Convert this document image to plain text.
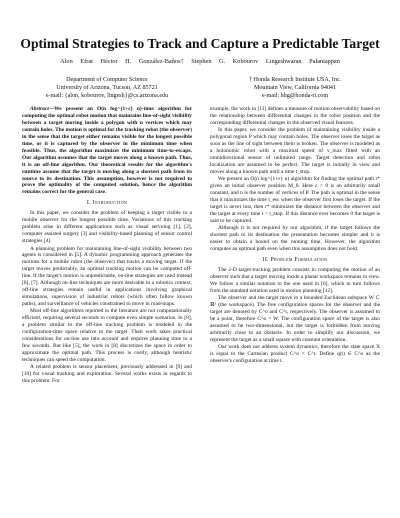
Optimal Strategies to Track and Capture a Predictable Target
Alon Efrat Héctor H. González-Baños† Stephen G. Kobourov Lingeshwaran Palaniappan
Department of Computer Science
University of Arizona, Tucson, AZ 85721
e-mail: {alon, kobourov, lingesh}@cs.arizona.edu
† Honda Research Institute USA, Inc.
Mountain View, California 94041
e-mail: hhg@honda-ri.com

Abstract—We present an O(n log^{1+ε} n)-time algorithm for computing the optimal robot motion that maintains line-of-sight visibility between a target moving inside a polygon with n vertices which may contain holes. The motion is optimal for the tracking robot (the observer) in the sense that the target either remains visible for the longest possible time, or it is captured by the observer in the minimum time when feasible. Thus, the algorithm maximizes the minimum time-to-escape. Our algorithm assumes that the target moves along a known path. Thus, it is an off-line algorithm. Our theoretical results for the algorithm's runtime assume that the target is moving along a shortest path from its source to its destination. This assumption, however is not required to prove the optimality of the computed solution, hence the algorithm remains correct for the general case.

I. Introduction

In this paper, we consider the problem of keeping a target visible to a mobile observer for the longest possible time. Variations of this tracking problem arise in different applications such as visual servoing [1], [2], computer assisted surgery [3] and visibility-based planning of sensor control strategies [4].

A planning problem for maintaining line-of-sight visibility between two agents is considered in [5]. A dynamic programming approach generates the motions for a mobile robot (the observer) that tracks a moving target. If the target moves predictably, an optimal tracking motion can be computed off-line. If the target's motion is unpredictable, on-line strategies are used instead [6], [7]. Although on-line techniques are more desirable in a robotics context, off-line strategies remain useful in applications involving graphical simulations, supervision of industrial robots (which often follow known paths), and surveillance of vehicles constrained to move in road-maps.

Most off-line algorithms reported in the literature are not computationally efficient, requiring several seconds to compute even simple scenarios. In [8], a problem similar to the off-line tracking problem is modeled in the configuration-time space relative to the target. Their work takes practical considerations for on-line use into account and requires planning time to a few seconds. But like [5], the work in [8] discretizes the space in order to approximate the optimal path. This process is costly, although heuristic techniques can speed the computation.

A related problem is sensor placement, previously addressed in [9] and [10] for visual tracking and exploration. Several works exists in regards to this problem. For

example, the work in [11] defines a measure of motion observability based on the relationship between differential changes in the robot position and the corresponding differential changes in the observed visual features.

In this paper, we consider the problem of maintaining visibility inside a polygonal region P which may contain holes. The observer loses the target as soon as the line of sight between them is broken. The observer is modeled as a holonomic robot with a maximal speed of v_max fitted with an omnidirectional sensor of unlimited range. Target detection and robot localization are assumed to be perfect. The target is initially in view and moves along a known path until a time t_stop.

We present an O(n log^{1+ε} n) algorithm for finding the optimal path r* given an initial observer position M_0. Here ε > 0 is an arbitrarily small constant, and n is the number of vertices of P. The path is optimal in the sense that it maximizes the time t_esc when the observer first loses the target. If the target is never lost, then r* minimizes the distance between the observer and the target at every time t < t_stop. If this distance ever becomes 0 the target is said to be captured.

Although it is not required by our algorithm, if the target follows the shortest path to its destination the presentation becomes simpler and it is easier to obtain a bound on the running time. However, the algorithm computes an optimal path even when this assumption does not hold.

II. Problem Formulation

The 2-D target-tracking problem consists in computing the motion of an observer such that a target moving inside a planar workspace remains in view. We follow a similar notation to the one used in [6], which in turn follows from the standard notation used in motion planning [12].

The observer and the target move in a bounded Euclidean subspace W ⊂ ℝ² (the workspace). The free configuration spaces for the observer and the target are denoted by C^o and C^t, respectively. The observer is assumed to be a point, therefore C^o = W. The configuration space of the target is also assumed to be two-dimensional, but the target is forbidden from moving arbitrarily close to an obstacle. In order to simplify our discussion, we represent the target as a small square with constant orientation.

Our work does not address system dynamics, therefore the state space X is equal to the Cartesian product C^o × C^t. Define q(t) ∈ C^o as the observer's configuration at time t.
